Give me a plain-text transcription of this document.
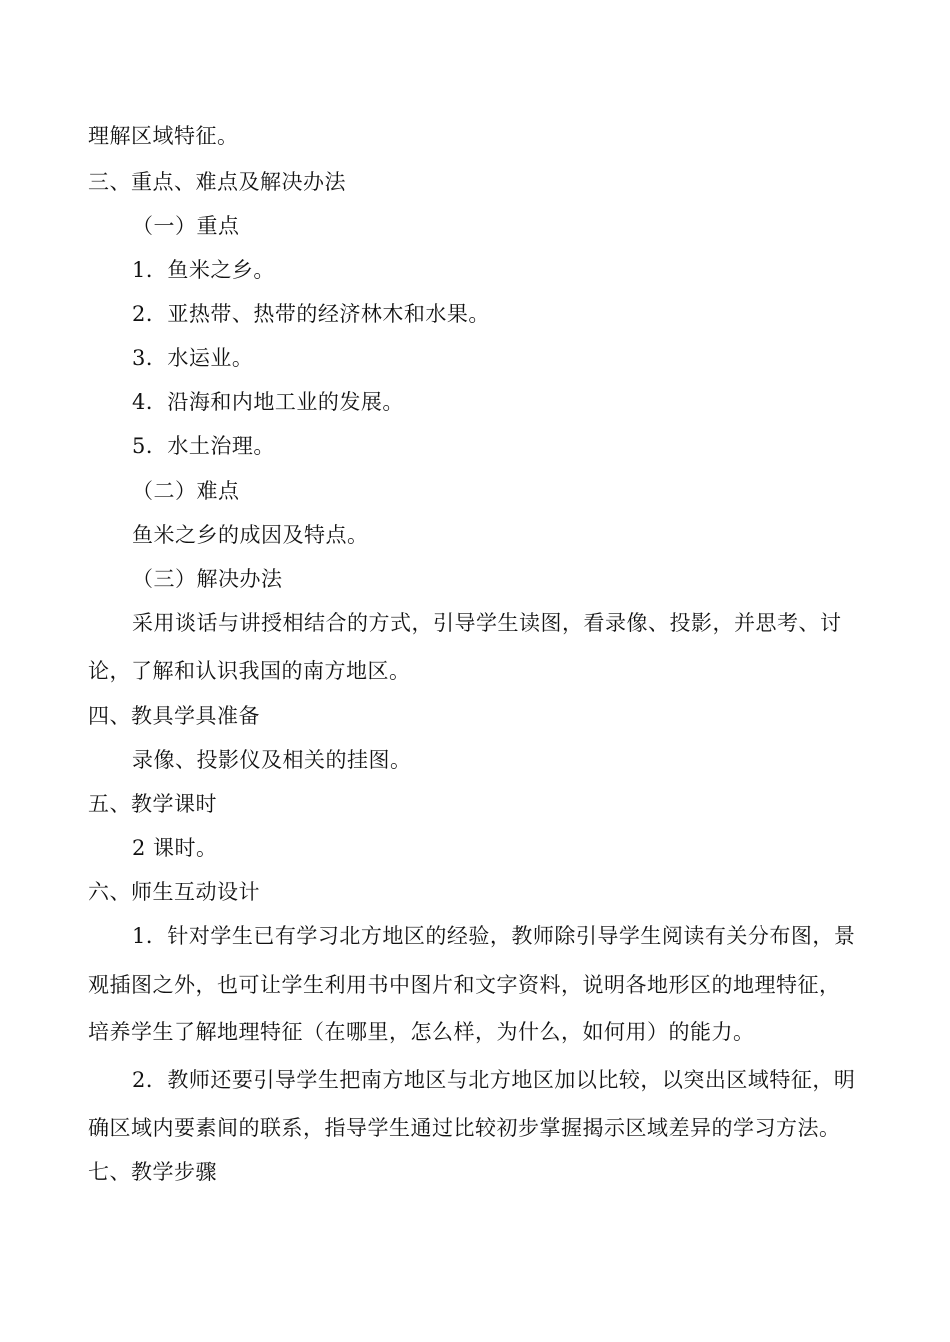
理解区域特征。
三、重点、难点及解决办法
（一）重点
1．鱼米之乡。
2．亚热带、热带的经济林木和水果。
3．水运业。
4．沿海和内地工业的发展。
5．水土治理。
（二）难点
鱼米之乡的成因及特点。
（三）解决办法
采用谈话与讲授相结合的方式，引导学生读图，看录像、投影，并思考、讨
论，了解和认识我国的南方地区。
四、教具学具准备
录像、投影仪及相关的挂图。
五、教学课时
2 课时。
六、师生互动设计
1．针对学生已有学习北方地区的经验，教师除引导学生阅读有关分布图，景
观插图之外，也可让学生利用书中图片和文字资料，说明各地形区的地理特征，
培养学生了解地理特征（在哪里，怎么样，为什么，如何用）的能力。
2．教师还要引导学生把南方地区与北方地区加以比较，以突出区域特征，明
确区域内要素间的联系，指导学生通过比较初步掌握揭示区域差异的学习方法。
七、教学步骤
